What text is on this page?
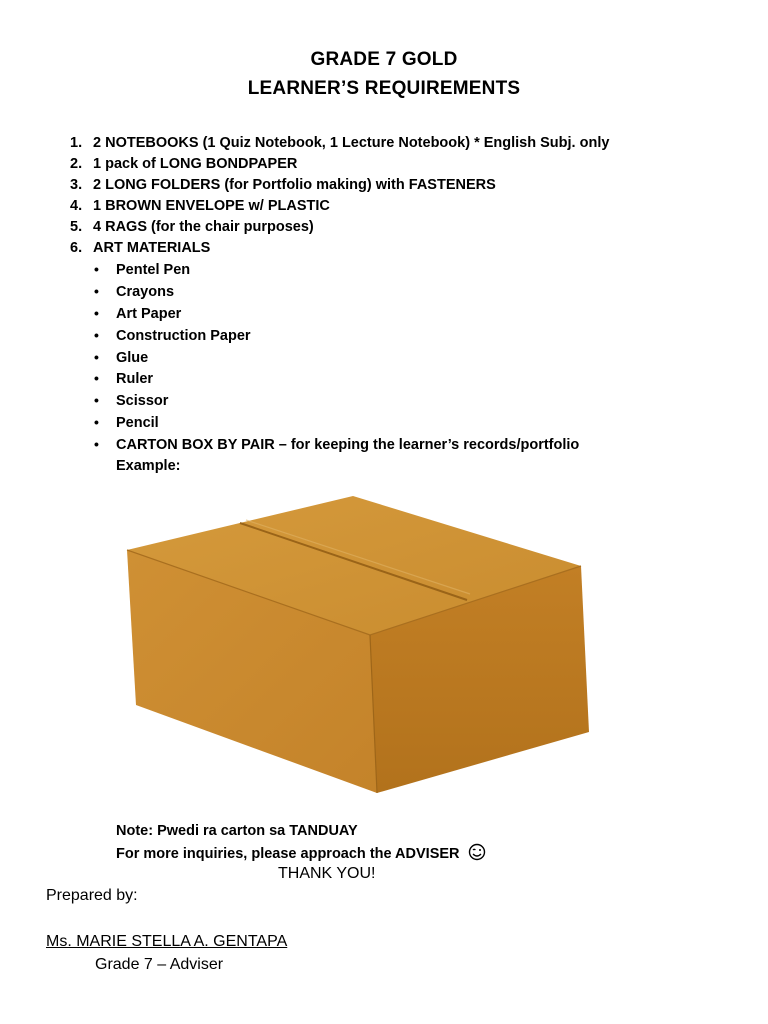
GRADE 7 GOLD
LEARNER’S REQUIREMENTS
1. 2 NOTEBOOKS (1 Quiz Notebook, 1 Lecture Notebook) * English Subj. only
2. 1 pack of LONG BONDPAPER
3. 2 LONG FOLDERS (for Portfolio making) with FASTENERS
4. 1 BROWN ENVELOPE w/ PLASTIC
5. 4 RAGS (for the chair purposes)
6. ART MATERIALS
• Pentel Pen
• Crayons
• Art Paper
• Construction Paper
• Glue
• Ruler
• Scissor
• Pencil
• CARTON BOX BY PAIR – for keeping the learner’s records/portfolio
Example:
Note: Pwedi ra carton sa TANDUAY
For more inquiries, please approach the ADVISER
THANK YOU!
Prepared by:
Ms. MARIE STELLA A. GENTAPA
Grade 7 – Adviser
